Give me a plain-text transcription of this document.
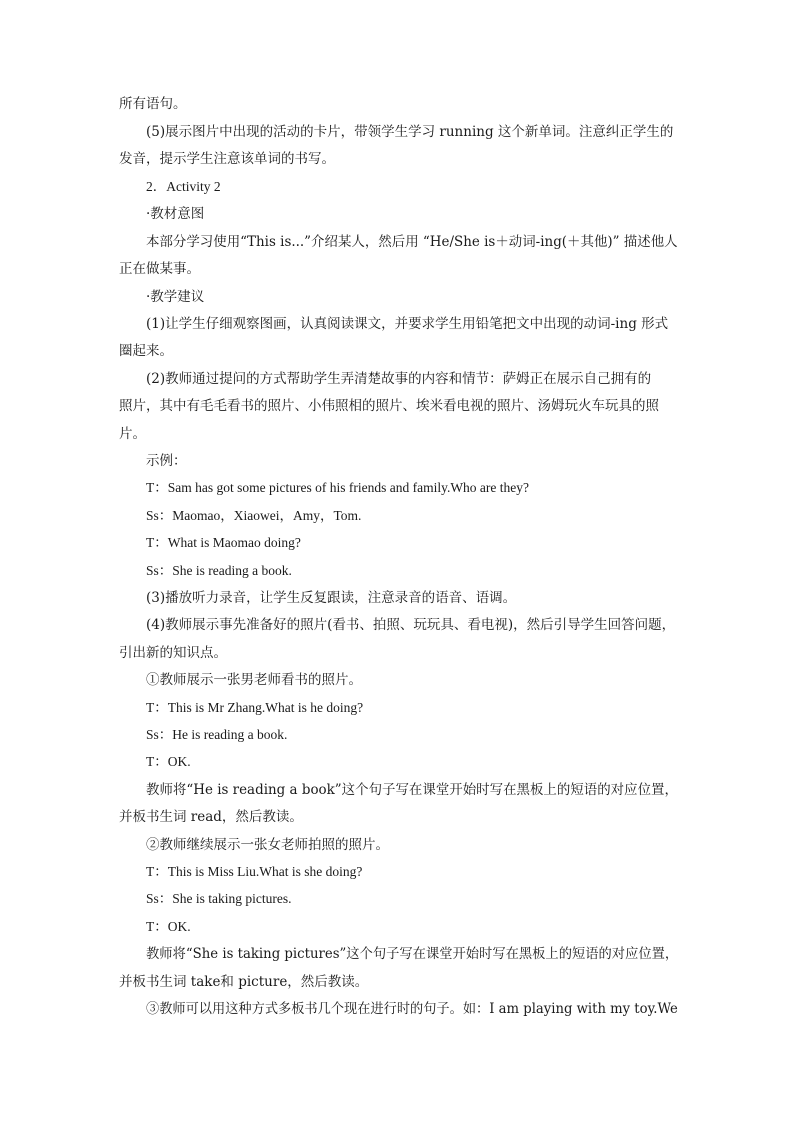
所有语句。
(5)展示图片中出现的活动的卡片，带领学生学习 running 这个新单词。注意纠正学生的
发音，提示学生注意该单词的书写。
2．Activity 2
·教材意图
本部分学习使用“This is...”介绍某人，然后用 “He/She is＋动词-ing(＋其他)” 描述他人
正在做某事。
·教学建议
(1)让学生仔细观察图画，认真阅读课文，并要求学生用铅笔把文中出现的动词-ing 形式
圈起来。
(2)教师通过提问的方式帮助学生弄清楚故事的内容和情节：萨姆正在展示自己拥有的
照片，其中有毛毛看书的照片、小伟照相的照片、埃米看电视的照片、汤姆玩火车玩具的照
片。
示例：
T：Sam has got some pictures of his friends and family.Who are they?
Ss：Maomao，Xiaowei，Amy，Tom.
T：What is Maomao doing?
Ss：She is reading a book.
(3)播放听力录音，让学生反复跟读，注意录音的语音、语调。
(4)教师展示事先准备好的照片(看书、拍照、玩玩具、看电视)，然后引导学生回答问题，
引出新的知识点。
①教师展示一张男老师看书的照片。
T：This is Mr Zhang.What is he doing?
Ss：He is reading a book.
T：OK.
教师将“He is reading a book”这个句子写在课堂开始时写在黑板上的短语的对应位置，
并板书生词 read，然后教读。
②教师继续展示一张女老师拍照的照片。
T：This is Miss Liu.What is she doing?
Ss：She is taking pictures.
T：OK.
教师将“She is taking pictures”这个句子写在课堂开始时写在黑板上的短语的对应位置，
并板书生词 take和 picture，然后教读。
③教师可以用这种方式多板书几个现在进行时的句子。如：I am playing with my toy.We
